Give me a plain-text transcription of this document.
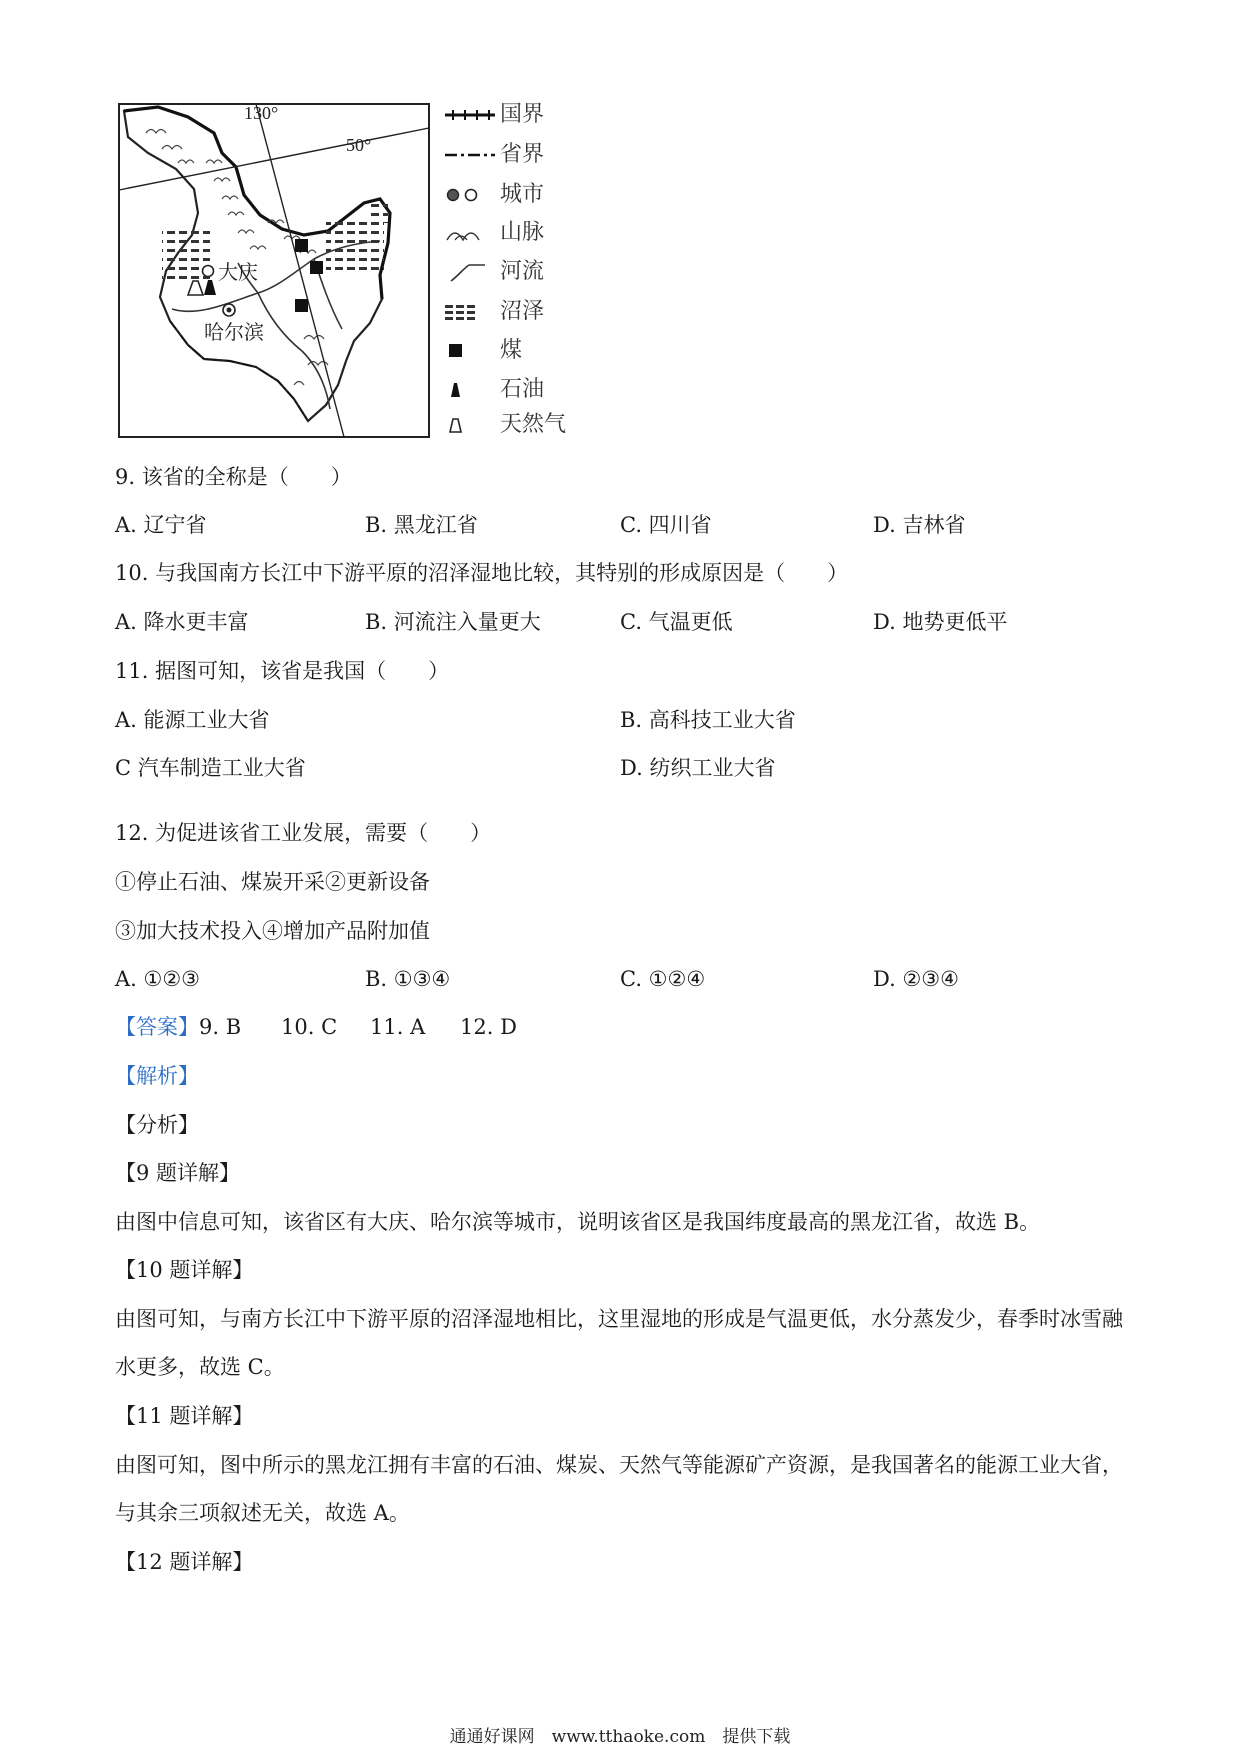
130°
50°
大庆
哈尔滨
国界
省界
城市
山脉
河流
沼泽
煤
石油
天然气
9. 该省的全称是（　　）
A. 辽宁省	B. 黑龙江省	C. 四川省	D. 吉林省
10. 与我国南方长江中下游平原的沼泽湿地比较，其特别的形成原因是（　　）
A. 降水更丰富	B. 河流注入量更大	C. 气温更低	D. 地势更低平
11. 据图可知，该省是我国（　　）
A. 能源工业大省	B. 高科技工业大省
C 汽车制造工业大省	D. 纺织工业大省
12. 为促进该省工业发展，需要（　　）
①停止石油、煤炭开采②更新设备
③加大技术投入④增加产品附加值
A. ①②③	B. ①③④	C. ①②④	D. ②③④
【答案】 9. B 10. C 11. A 12. D
【解析】
【分析】
【9 题详解】
由图中信息可知，该省区有大庆、哈尔滨等城市，说明该省区是我国纬度最高的黑龙江省，故选 B。
【10 题详解】
由图可知，与南方长江中下游平原的沼泽湿地相比，这里湿地的形成是气温更低，水分蒸发少，春季时冰雪融水更多，故选 C。
【11 题详解】
由图可知，图中所示的黑龙江拥有丰富的石油、煤炭、天然气等能源矿产资源，是我国著名的能源工业大省，与其余三项叙述无关，故选 A。
【12 题详解】
通通好课网　www.tthaoke.com　提供下载
